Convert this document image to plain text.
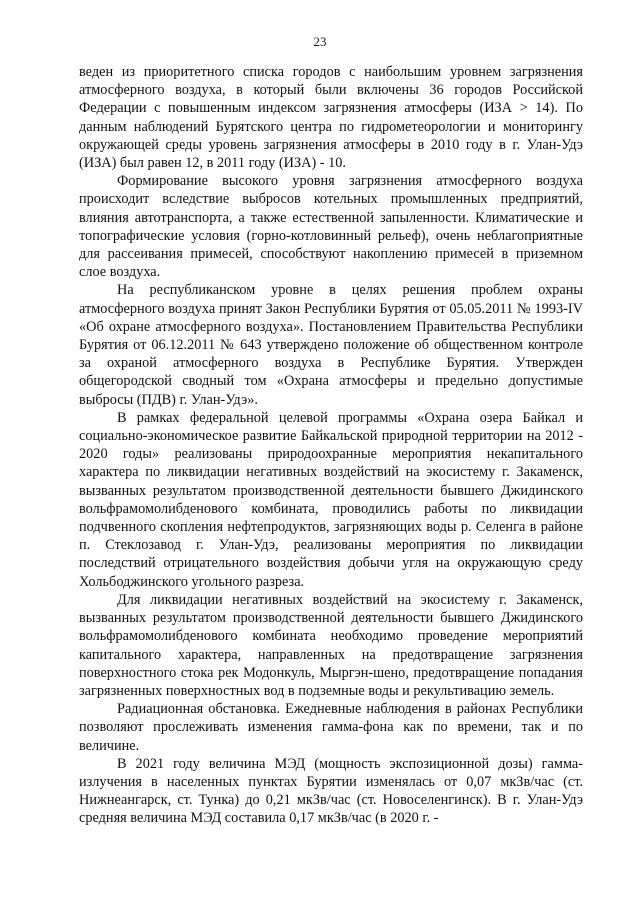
23

веден из приоритетного списка городов с наибольшим уровнем загрязнения атмосферного воздуха, в который были включены 36 городов Российской Федерации с повышенным индексом загрязнения атмосферы (ИЗА > 14). По данным наблюдений Бурятского центра по гидрометеорологии и мониторингу окружающей среды уровень загрязнения атмосферы в 2010 году в г. Улан-Удэ (ИЗА) был равен 12, в 2011 году (ИЗА) - 10.

Формирование высокого уровня загрязнения атмосферного воздуха происходит вследствие выбросов котельных промышленных предприятий, влияния автотранспорта, а также естественной запыленности. Климатические и топографические условия (горно-котловинный рельеф), очень неблагоприятные для рассеивания примесей, способствуют накоплению примесей в приземном слое воздуха.

На республиканском уровне в целях решения проблем охраны атмосферного воздуха принят Закон Республики Бурятия от 05.05.2011 № 1993-IV «Об охране атмосферного воздуха». Постановлением Правительства Республики Бурятия от 06.12.2011 № 643 утверждено положение об общественном контроле за охраной атмосферного воздуха в Республике Бурятия. Утвержден общегородской сводный том «Охрана атмосферы и предельно допустимые выбросы (ПДВ) г. Улан-Удэ».

В рамках федеральной целевой программы «Охрана озера Байкал и социально-экономическое развитие Байкальской природной территории на 2012 - 2020 годы» реализованы природоохранные мероприятия некапитального характера по ликвидации негативных воздействий на экосистему г. Закаменск, вызванных результатом производственной деятельности бывшего Джидинского вольфрамомолибденового комбината, проводились работы по ликвидации подчвенного скопления нефтепродуктов, загрязняющих воды р. Селенга в районе п. Стеклозавод г. Улан-Удэ, реализованы мероприятия по ликвидации последствий отрицательного воздействия добычи угля на окружающую среду Хольбоджинского угольного разреза.

Для ликвидации негативных воздействий на экосистему г. Закаменск, вызванных результатом производственной деятельности бывшего Джидинского вольфрамомолибденового комбината необходимо проведение мероприятий капитального характера, направленных на предотвращение загрязнения поверхностного стока рек Модонкуль, Мыргэн-шено, предотвращение попадания загрязненных поверхностных вод в подземные воды и рекультивацию земель.

Радиационная обстановка. Ежедневные наблюдения в районах Республики позволяют прослеживать изменения гамма-фона как по времени, так и по величине.

В 2021 году величина МЭД (мощность экспозиционной дозы) гамма-излучения в населенных пунктах Бурятии изменялась от 0,07 мкЗв/час (ст. Нижнеангарск, ст. Тунка) до 0,21 мкЗв/час (ст. Новоселенгинск). В г. Улан-Удэ средняя величина МЭД составила 0,17 мкЗв/час (в 2020 г. -
